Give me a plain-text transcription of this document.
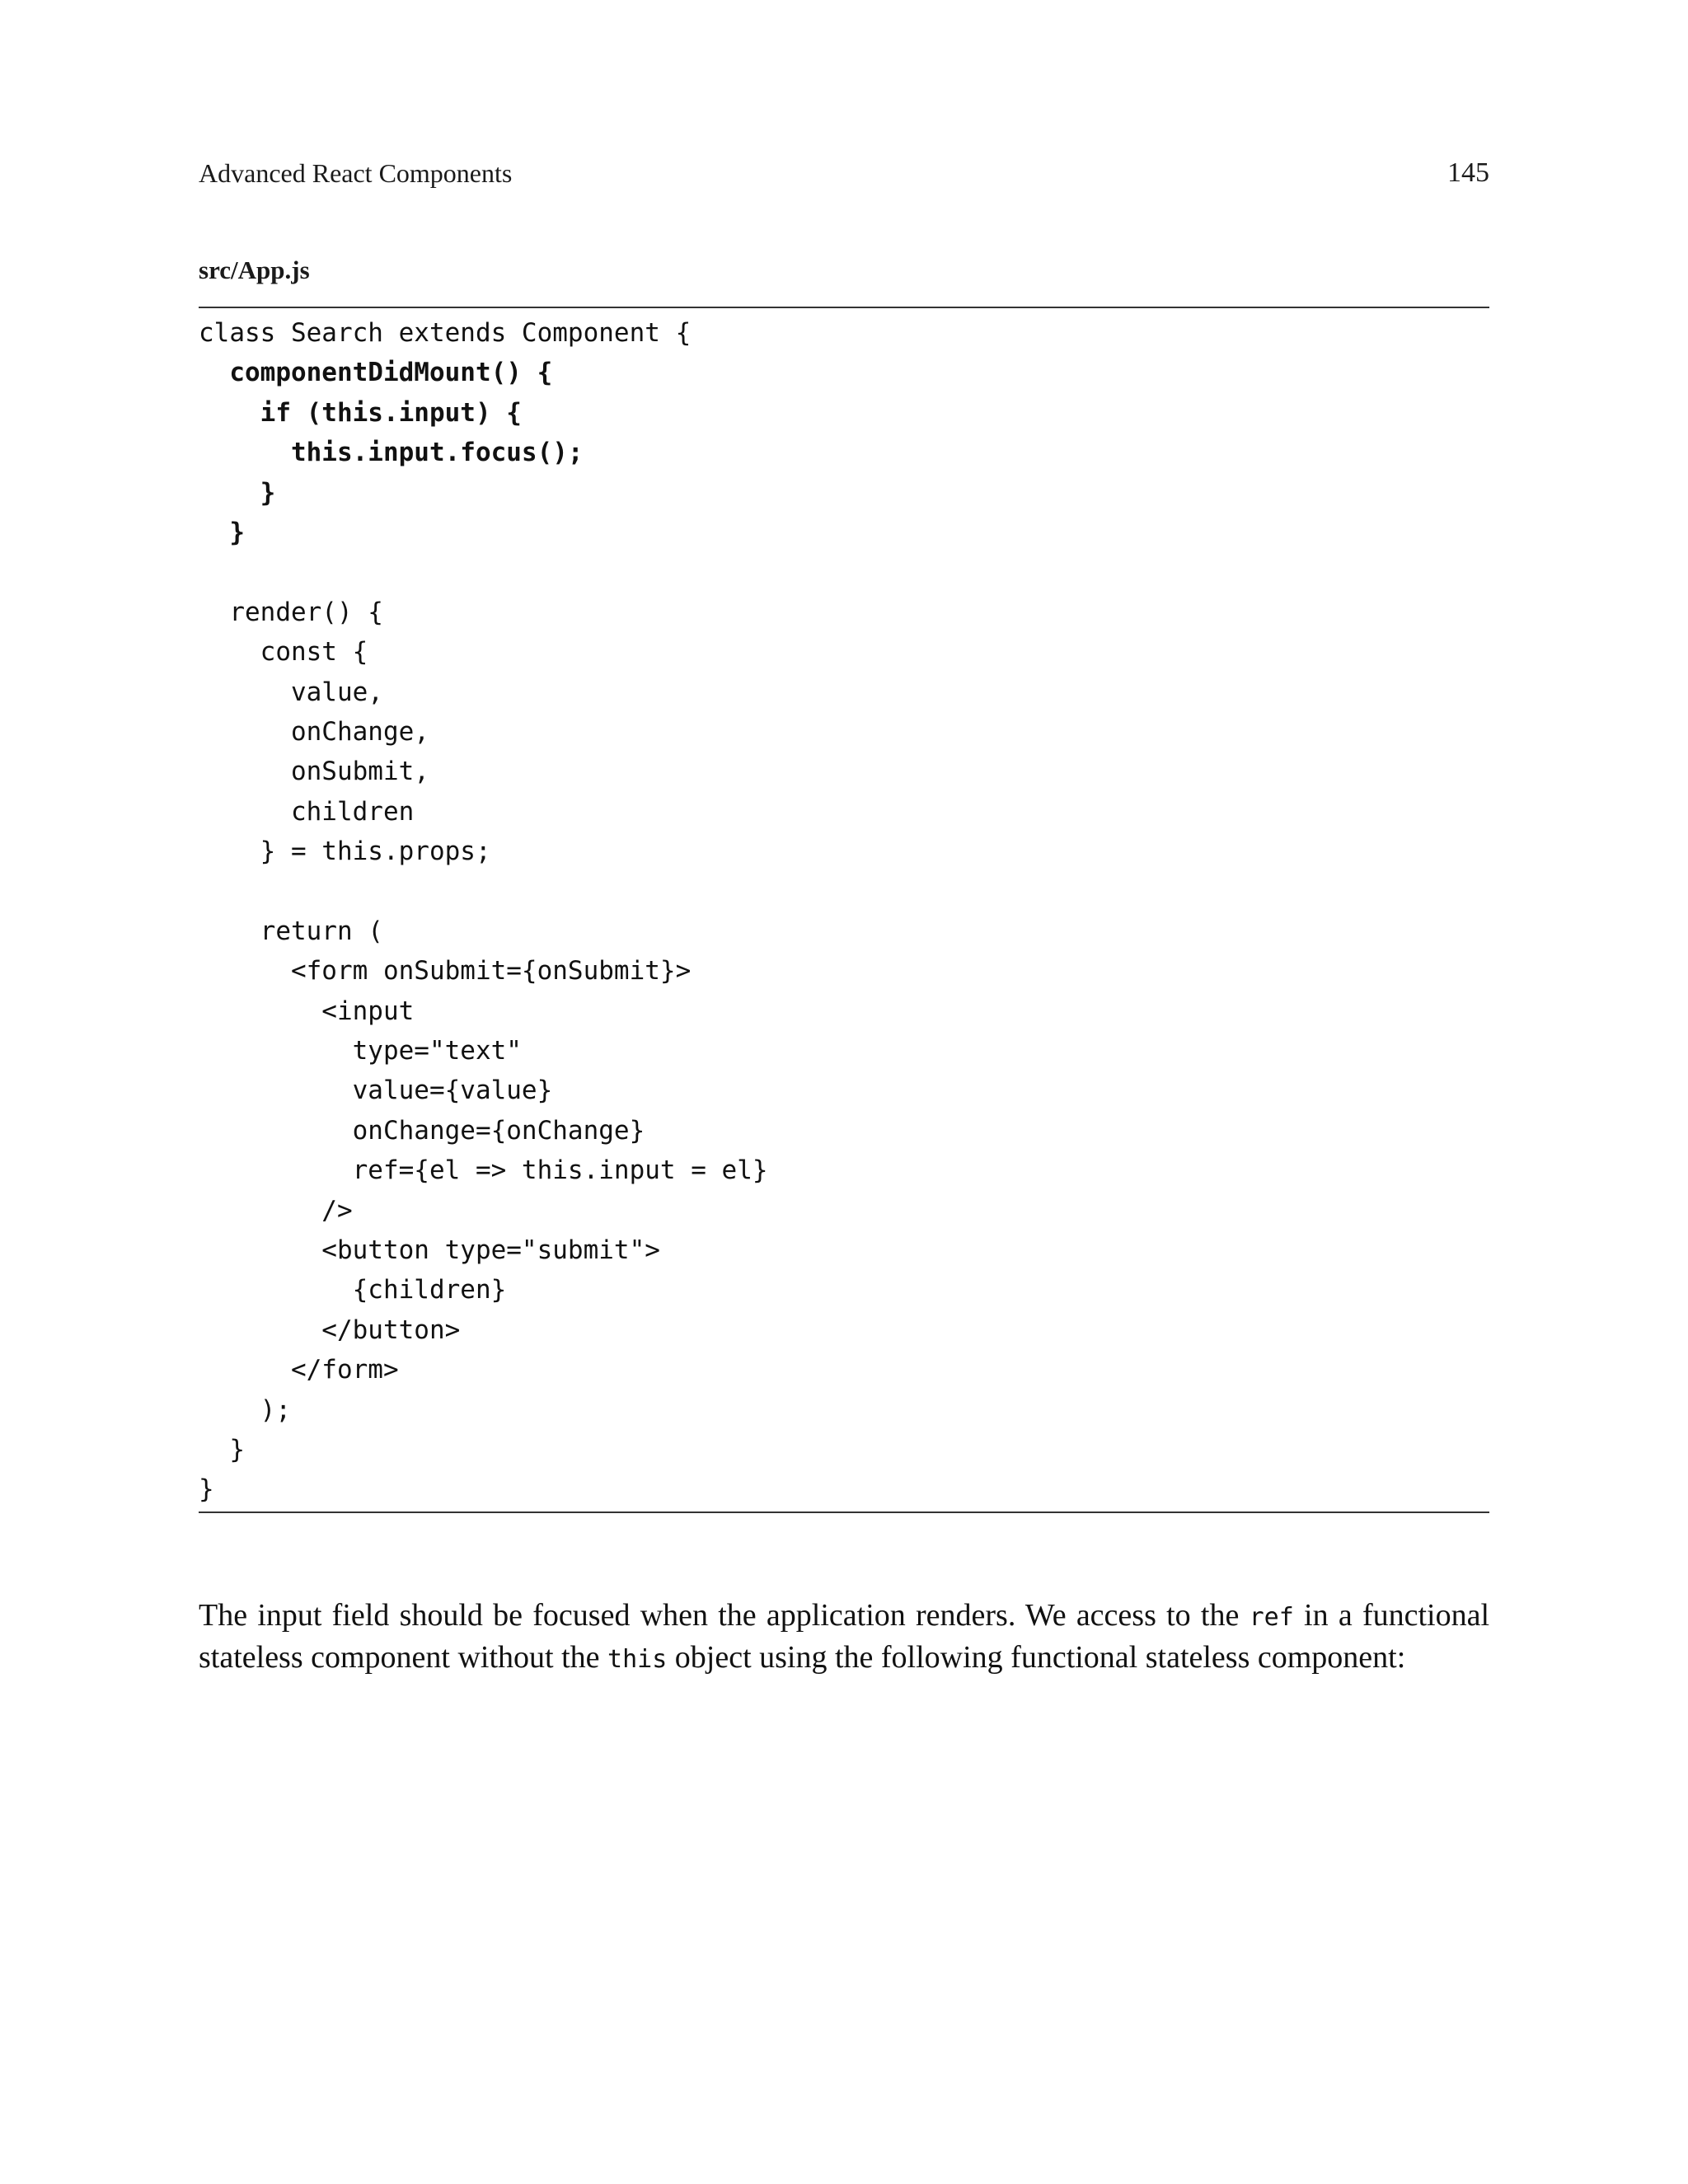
Advanced React Components	145
src/App.js
class Search extends Component {
componentDidMount() {
if (this.input) {
this.input.focus();
}
}
render() {
const {
value,
onChange,
onSubmit,
children
} = this.props;
return (
<form onSubmit={onSubmit}>
<input
type="text"
value={value}
onChange={onChange}
ref={el => this.input = el}
/>
<button type="submit">
{children}
</button>
</form>
);
}
}

The input field should be focused when the application renders. We access to the ref in a functional stateless component without the this object using the following functional stateless component:
